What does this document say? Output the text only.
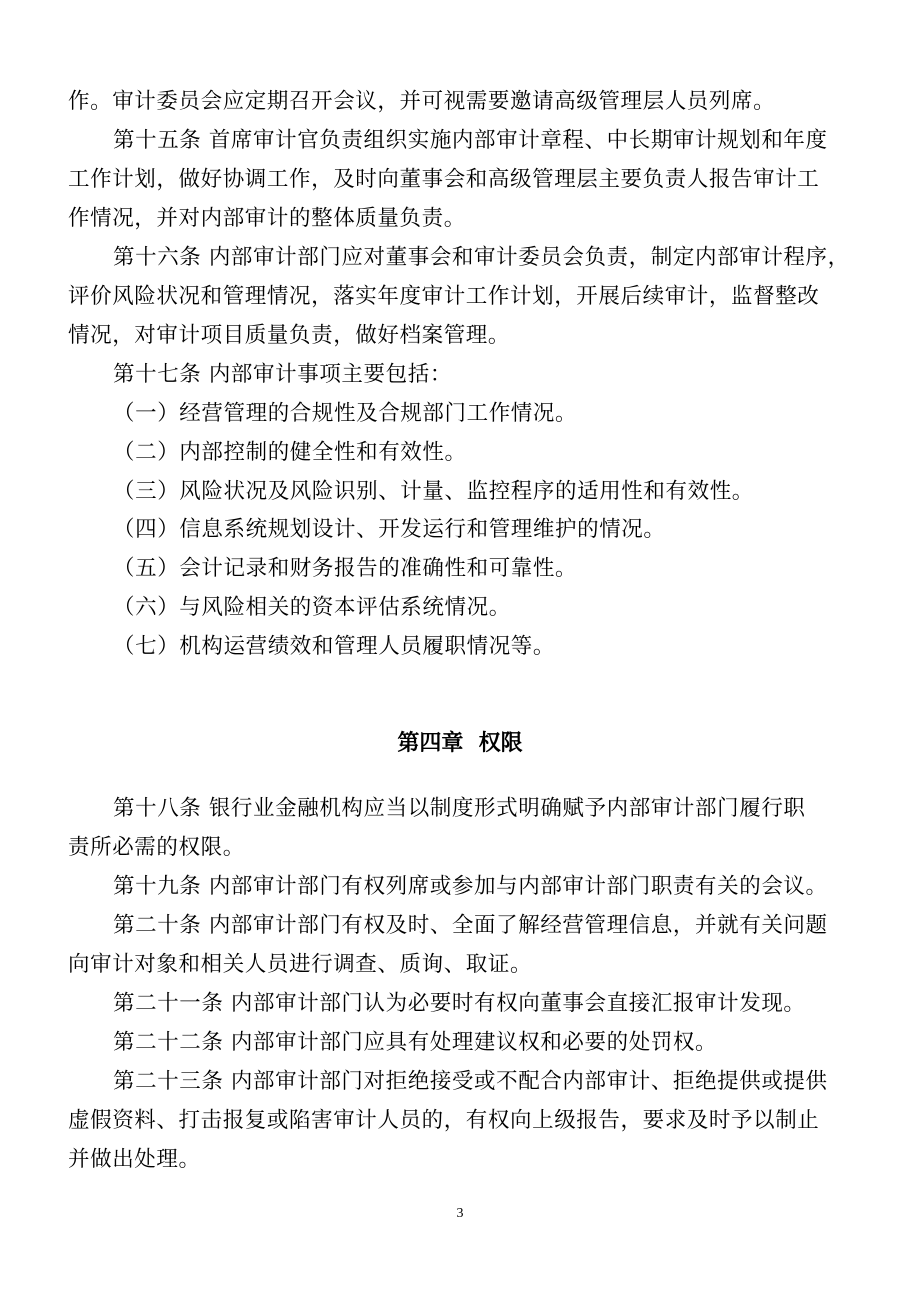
作。审计委员会应定期召开会议，并可视需要邀请高级管理层人员列席。
第十五条 首席审计官负责组织实施内部审计章程、中长期审计规划和年度
工作计划，做好协调工作，及时向董事会和高级管理层主要负责人报告审计工
作情况，并对内部审计的整体质量负责。
第十六条 内部审计部门应对董事会和审计委员会负责，制定内部审计程序，
评价风险状况和管理情况，落实年度审计工作计划，开展后续审计，监督整改
情况，对审计项目质量负责，做好档案管理。
第十七条 内部审计事项主要包括：
（一）经营管理的合规性及合规部门工作情况。
（二）内部控制的健全性和有效性。
（三）风险状况及风险识别、计量、监控程序的适用性和有效性。
（四）信息系统规划设计、开发运行和管理维护的情况。
（五）会计记录和财务报告的准确性和可靠性。
（六）与风险相关的资本评估系统情况。
（七）机构运营绩效和管理人员履职情况等。
第四章  权限
第十八条 银行业金融机构应当以制度形式明确赋予内部审计部门履行职
责所必需的权限。
第十九条 内部审计部门有权列席或参加与内部审计部门职责有关的会议。
第二十条 内部审计部门有权及时、全面了解经营管理信息，并就有关问题
向审计对象和相关人员进行调查、质询、取证。
第二十一条 内部审计部门认为必要时有权向董事会直接汇报审计发现。
第二十二条 内部审计部门应具有处理建议权和必要的处罚权。
第二十三条 内部审计部门对拒绝接受或不配合内部审计、拒绝提供或提供
虚假资料、打击报复或陷害审计人员的，有权向上级报告，要求及时予以制止
并做出处理。
3
